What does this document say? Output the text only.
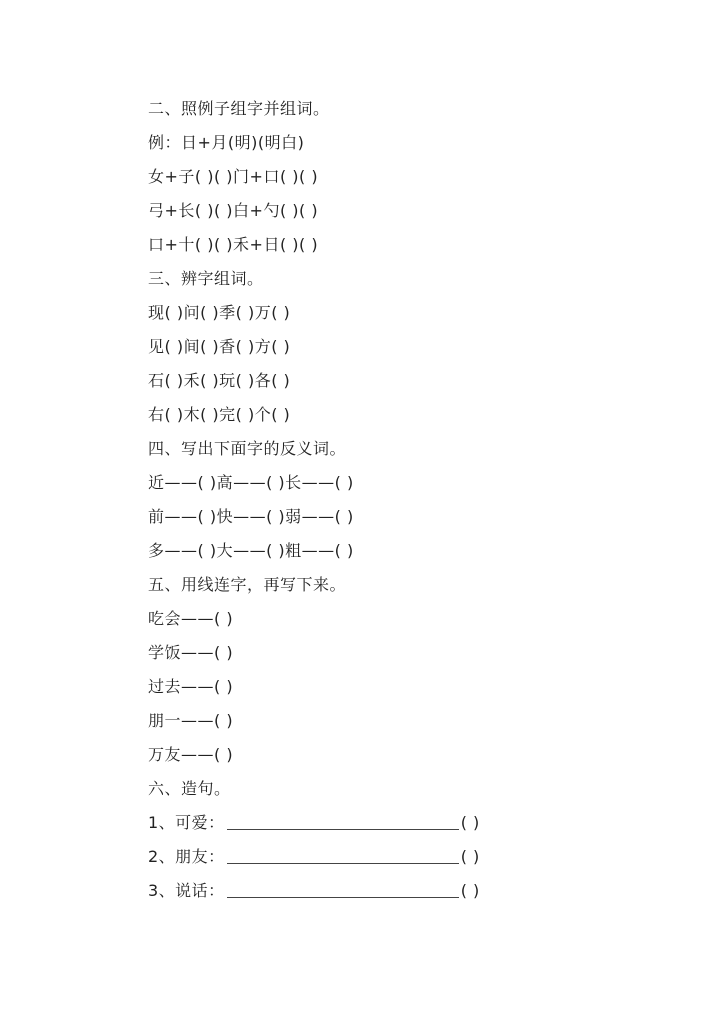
二、照例子组字并组词。
例：日+月(明)(明白)
女+子( )( )门+口( )( )
弓+长( )( )白+勺( )( )
口+十( )( )禾+日( )( )
三、辨字组词。
现( )问( )季( )万( )
见( )间( )香( )方( )
石( )禾( )玩( )各( )
右( )木( )完( )个( )
四、写出下面字的反义词。
近——( )高——( )长——( )
前——( )快——( )弱——( )
多——( )大——( )粗——( )
五、用线连字，再写下来。
吃会——( )
学饭——( )
过去——( )
朋一——( )
万友——( )
六、造句。
1、可爱：	( )
2、朋友：	( )
3、说话：	( )
